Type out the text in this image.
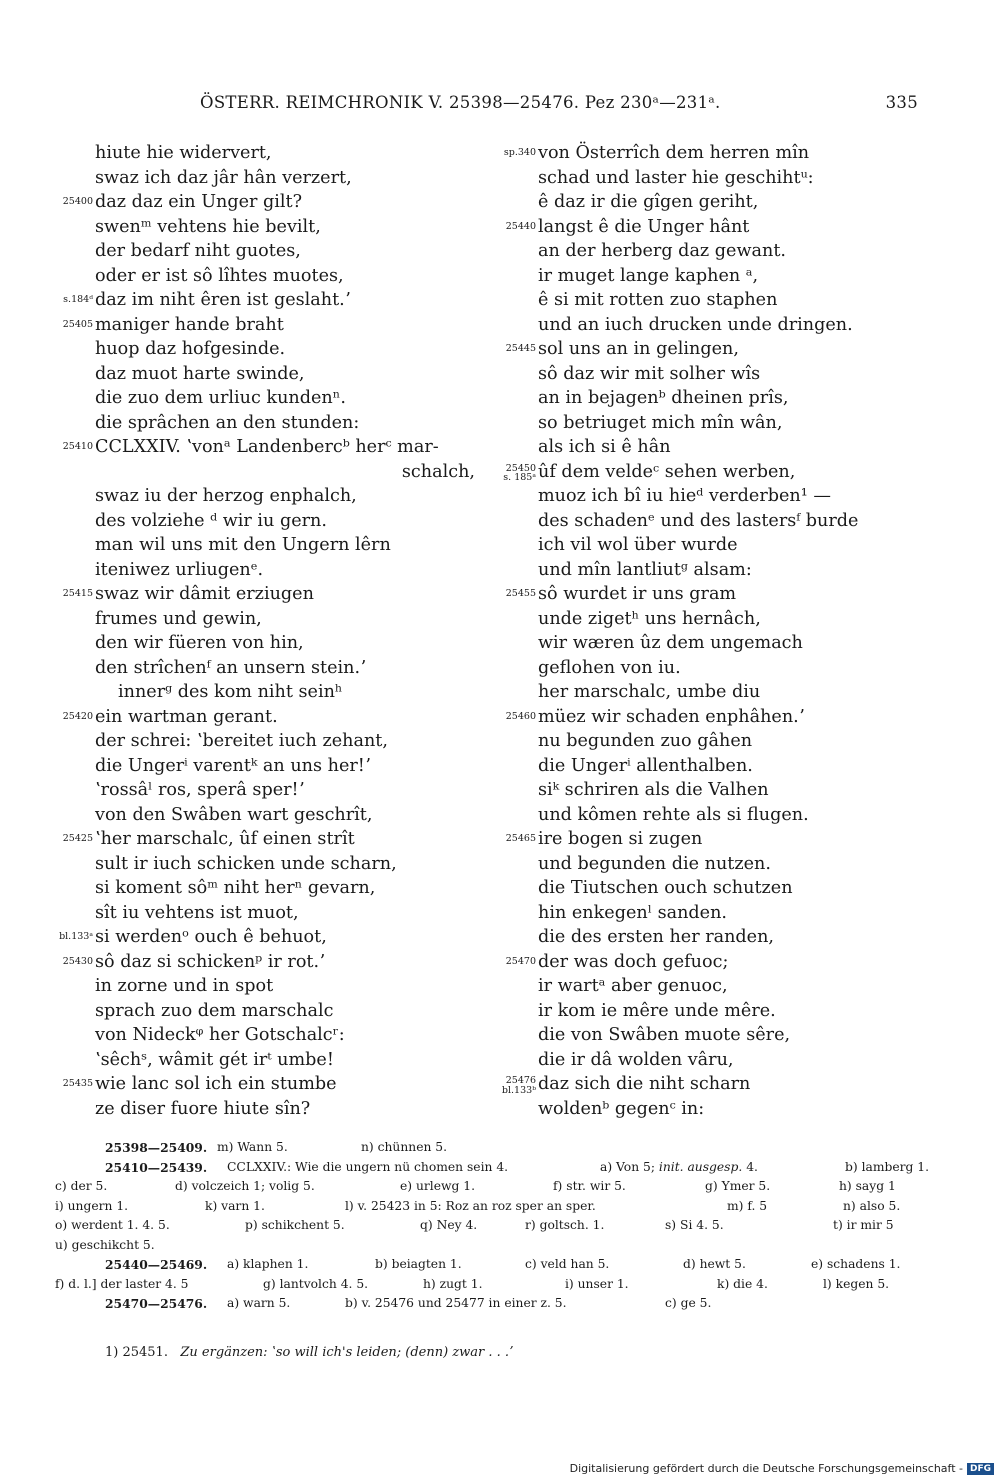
ÖSTERR. REIMCHRONIK V. 25398—25476. Pez 230ᵃ—231ᵃ.	335
hiute hie widervert,
swaz ich daz jâr hân verzert,
25400 daz daz ein Unger gilt?
swenᵐ vehtens hie bevilt,
der bedarf niht guotes,
oder er ist sô lîhtes muotes,
s.184ᵈ daz im niht êren ist geslaht.ʼ
25405 maniger hande braht
huop daz hofgesinde.
daz muot harte swinde,
die zuo dem urliuc kundenⁿ.
die sprâchen an den stunden:
25410 CCLXXIV. ʽvonᵃ Landenbercᵇ herᶜ mar-
schalch,
swaz iu der herzog enphalch,
des volziehe ᵈ wir iu gern.
man wil uns mit den Ungern lêrn
iteniwez urliugenᵉ.
25415 swaz wir dâmit erziugen
frumes und gewin,
den wir füeren von hin,
den strîchenᶠ an unsern stein.ʼ
innerᵍ des kom niht seinʰ
25420 ein wartman gerant.
der schrei: ʽbereitet iuch zehant,
die Ungerⁱ varentᵏ an uns her!ʼ
ʽrossâˡ ros, sperâ sper!ʼ
von den Swâben wart geschrît,
25425 ʽher marschalc, ûf einen strît
sult ir iuch schicken unde scharn,
si koment sôᵐ niht herⁿ gevarn,
sît iu vehtens ist muot,
bl.133ᵃ si werdenᵒ ouch ê behuot,
25430 sô daz si schickenᵖ ir rot.ʼ
in zorne und in spot
sprach zuo dem marschalc
von Nideckᵠ her Gotschalcʳ:
ʽsêchˢ, wâmit gét irᵗ umbe!
25435 wie lanc sol ich ein stumbe
ze diser fuore hiute sîn?
sp.340 von Österrîch dem herren mîn
schad und laster hie geschihtᵘ:
ê daz ir die gîgen geriht,
25440 langst ê die Unger hânt
an der herberg daz gewant.
ir muget lange kaphen ᵃ,
ê si mit rotten zuo staphen
und an iuch drucken unde dringen.
25445 sol uns an in gelingen,
sô daz wir mit solher wîs
an in bejagenᵇ dheinen prîs,
so betriuget mich mîn wân,
als ich si ê hân
25450
s. 185ᵃ ûf dem veldeᶜ sehen werben,
muoz ich bî iu hieᵈ verderben¹ —
des schadenᵉ und des lastersᶠ burde
ich vil wol über wurde
und mîn lantliutᵍ alsam:
25455 sô wurdet ir uns gram
unde zigetʰ uns hernâch,
wir wæren ûz dem ungemach
geflohen von iu.
her marschalc, umbe diu
25460 müez wir schaden enphâhen.ʼ
nu begunden zuo gâhen
die Ungerⁱ allenthalben.
siᵏ schriren als die Valhen
und kômen rehte als si flugen.
25465 ire bogen si zugen
und begunden die nutzen.
die Tiutschen ouch schutzen
hin enkegenˡ sanden.
die des ersten her randen,
25470 der was doch gefuoc;
ir wartᵃ aber genuoc,
ir kom ie mêre unde mêre.
die von Swâben muote sêre,
die ir dâ wolden vâru,
25476
bl.133ᵇ daz sich die niht scharn
woldenᵇ gegenᶜ in:
25398—25409. m) Wann 5.	n) chünnen 5.
25410—25439. CCLXXIV.: Wie die ungern nü chomen sein 4.	a) Von 5; init. ausgesp. 4.	b) lamberg 1.
c) der 5.	d) volczeich 1; volig 5.	e) urlewg 1.	f) str. wir 5.	g) Ymer 5.	h) sayg 1
i) ungern 1.	k) varn 1.	l) v. 25423 in 5: Roz an roz sper an sper.	m) f. 5	n) also 5.
o) werdent 1. 4. 5.	p) schikchent 5.	q) Ney 4.	r) goltsch. 1.	s) Si 4. 5.	t) ir mir 5
u) geschikcht 5.
25440—25469. a) klaphen 1.	b) beiagten 1.	c) veld han 5.	d) hewt 5.	e) schadens 1.
f) d. l.] der laster 4. 5	g) lantvolch 4. 5.	h) zugt 1.	i) unser 1.	k) die 4.	l) kegen 5.
25470—25476. a) warn 5.	b) v. 25476 und 25477 in einer z. 5.	c) ge 5.
1) 25451. Zu ergänzen: ʽso will ich's leiden; (denn) zwar . . .ʼ
Digitalisierung gefördert durch die Deutsche Forschungsgemeinschaft - DFG
